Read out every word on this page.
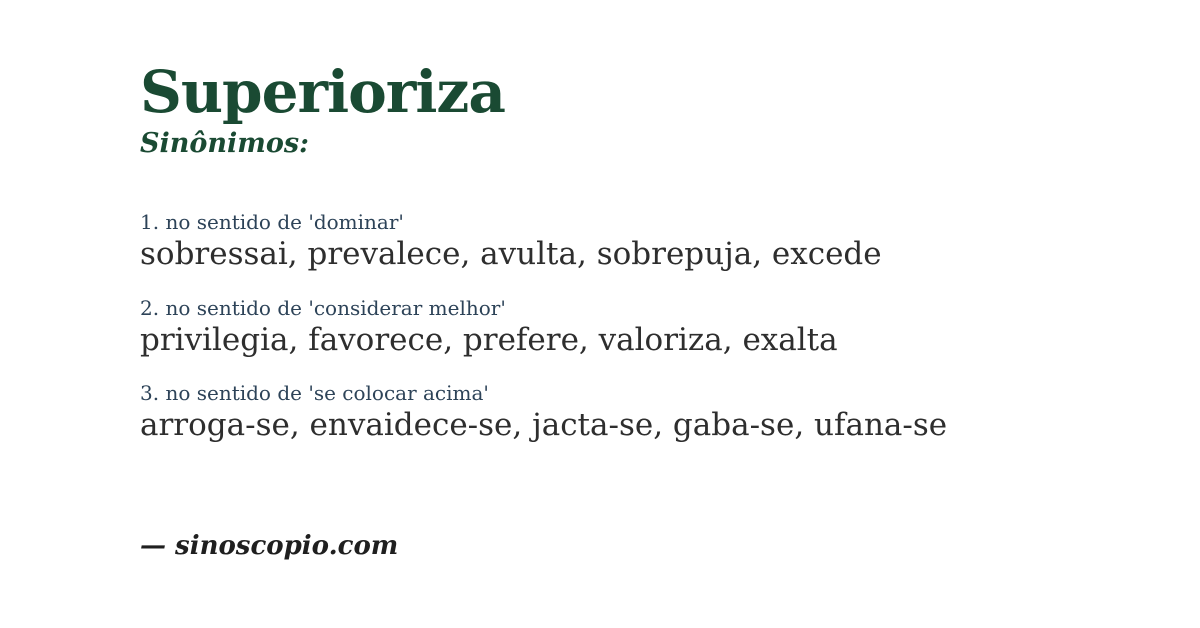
Superioriza
Sinônimos:
1. no sentido de 'dominar'
sobressai, prevalece, avulta, sobrepuja, excede
2. no sentido de 'considerar melhor'
privilegia, favorece, prefere, valoriza, exalta
3. no sentido de 'se colocar acima'
arroga-se, envaidece-se, jacta-se, gaba-se, ufana-se
— sinoscopio.com
